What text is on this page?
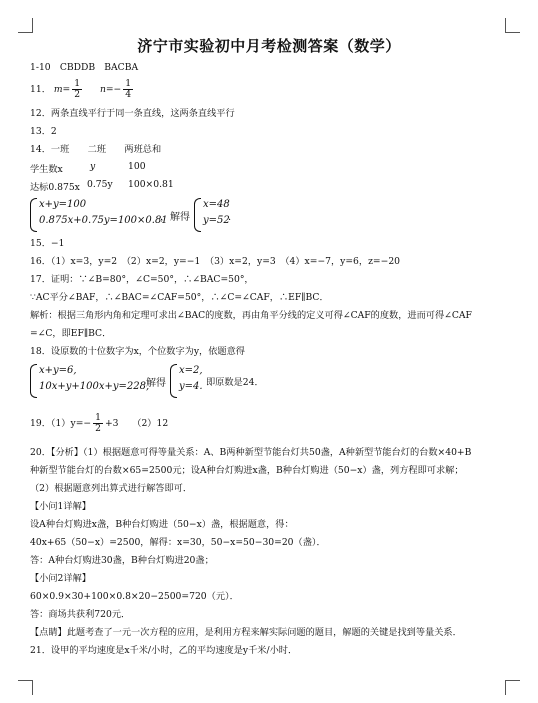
济宁市实验初中月考检测答案（数学）
1-10　CBDDB　BACBA
11． $m= \frac{1}{2} n=- \frac{1}{4}$
12．两条直线平行于同一条直线，这两条直线平行
13．2
14．一班　　二班　　两班总和
学生数x	y	100
达标0.875x 0.75y 100×0.81
x+y=100
0.875x+0.75y=100×0.81
，解得
x=48
y=52
．
15．−1
16．（1）x=3，y=2　（2）x=2，y=−1　（3）x=2，y=3　（4）x=−7，y=6，z=−20
17．证明：∵∠B=80°，∠C=50°，∴∠BAC=50°，
∵AC平分∠BAF，∴∠BAC=∠CAF=50°，∴∠C=∠CAF，∴EF∥BC．
解析：根据三角形内角和定理可求出∠BAC的度数，再由角平分线的定义可得∠CAF的度数，进而可得∠CAF
=∠C，即EF∥BC．
18．设原数的十位数字为x，个位数字为y，依题意得
x+y=6,
10x+y+100x+y=228,
解得
x=2,
y=4. 即原数是24．
19．$(1)y=- \frac{1}{2} +3$　　（2）12
20．【分析】（1）根据题意可得等量关系：A、B两种新型节能台灯共50盏，A种新型节能台灯的台数×40+B
种新型节能台灯的台数×65=2500元；设A种台灯购进x盏，B种台灯购进（50−x）盏，列方程即可求解；
（2）根据题意列出算式进行解答即可．
【小问1详解】
设A种台灯购进x盏，B种台灯购进（50−x）盏，根据题意，得：
40x+65（50−x）=2500，解得：x=30，50−x=50−30=20（盏）．
答：A种台灯购进30盏，B种台灯购进20盏；
【小问2详解】
60×0.9×30+100×0.8×20−2500=720（元）．
答：商场共获利720元．
【点睛】此题考查了一元一次方程的应用，是利用方程来解实际问题的题目，解题的关键是找到等量关系．
21．设甲的平均速度是x千米/小时，乙的平均速度是y千米/小时．
